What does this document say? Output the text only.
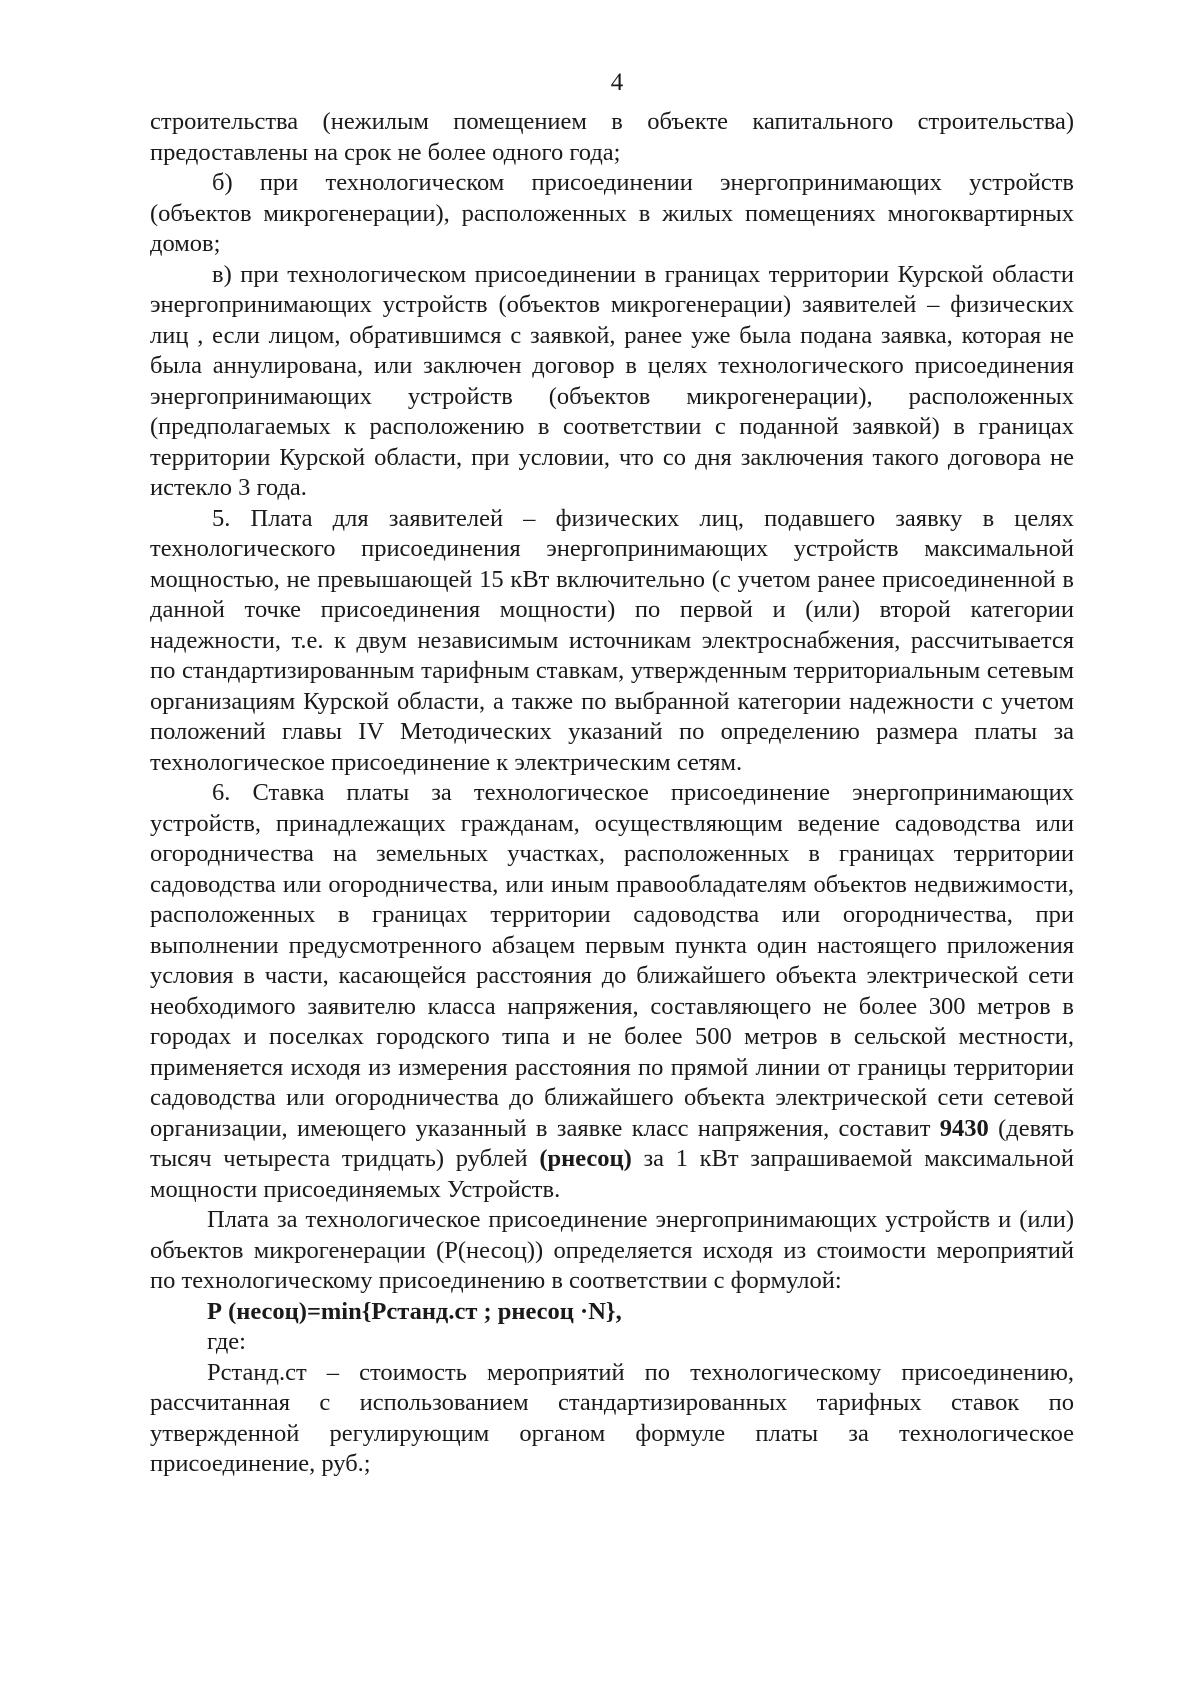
4

строительства (нежилым помещением в объекте капитального строительства) предоставлены на срок не более одного года;

б) при технологическом присоединении энергопринимающих устройств (объектов микрогенерации), расположенных в жилых помещениях многоквартирных домов;

в) при технологическом присоединении в границах территории Курской области энергопринимающих устройств (объектов микрогенерации) заявителей – физических лиц , если лицом, обратившимся с заявкой, ранее уже была подана заявка, которая не была аннулирована, или заключен договор в целях технологического присоединения энергопринимающих устройств (объектов микрогенерации), расположенных (предполагаемых к расположению в соответствии с поданной заявкой) в границах территории Курской области, при условии, что со дня заключения такого договора не истекло 3 года.

5. Плата для заявителей – физических лиц, подавшего заявку в целях технологического присоединения энергопринимающих устройств максимальной мощностью, не превышающей 15 кВт включительно (с учетом ранее присоединенной в данной точке присоединения мощности) по первой и (или) второй категории надежности, т.е. к двум независимым источникам электроснабжения, рассчитывается по стандартизированным тарифным ставкам, утвержденным территориальным сетевым организациям Курской области, а также по выбранной категории надежности с учетом положений главы IV Методических указаний по определению размера платы за технологическое присоединение к электрическим сетям.

6. Ставка платы за технологическое присоединение энергопринимающих устройств, принадлежащих гражданам, осуществляющим ведение садоводства или огородничества на земельных участках, расположенных в границах территории садоводства или огородничества, или иным правообладателям объектов недвижимости, расположенных в границах территории садоводства или огородничества, при выполнении предусмотренного абзацем первым пункта один настоящего приложения условия в части, касающейся расстояния до ближайшего объекта электрической сети необходимого заявителю класса напряжения, составляющего не более 300 метров в городах и поселках городского типа и не более 500 метров в сельской местности, применяется исходя из измерения расстояния по прямой линии от границы территории садоводства или огородничества до ближайшего объекта электрической сети сетевой организации, имеющего указанный в заявке класс напряжения, составит 9430 (девять тысяч четыреста тридцать) рублей (рнесоц) за 1 кВт запрашиваемой максимальной мощности присоединяемых Устройств.

Плата за технологическое присоединение энергопринимающих устройств и (или) объектов микрогенерации (Р(несоц)) определяется исходя из стоимости мероприятий по технологическому присоединению в соответствии с формулой:

Р (несоц)=min{Рстанд.ст ; рнесоц ·N},

где:

Рстанд.ст – стоимость мероприятий по технологическому присоединению, рассчитанная с использованием стандартизированных тарифных ставок по утвержденной регулирующим органом формуле платы за технологическое присоединение, руб.;
